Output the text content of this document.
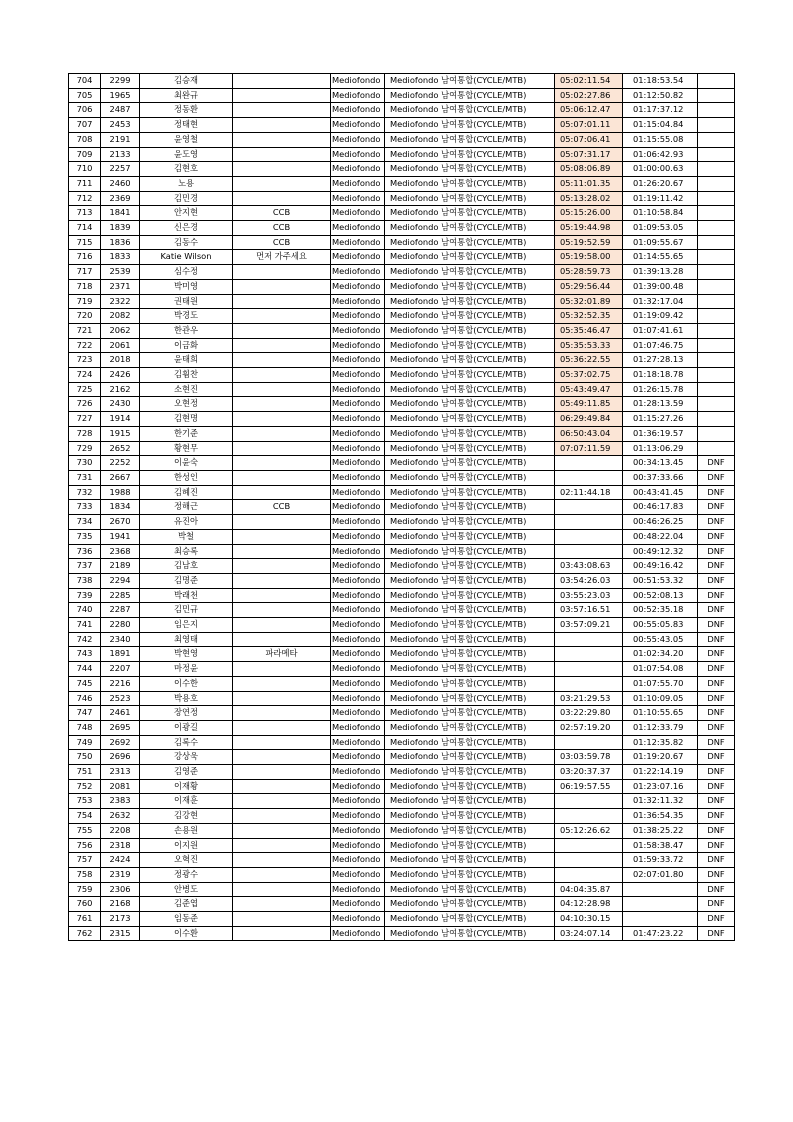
704	2299	김승재		Mediofondo	Mediofondo 남여통합(CYCLE/MTB)	05:02:11.54	01:18:53.54	
705	1965	최완규		Mediofondo	Mediofondo 남여통합(CYCLE/MTB)	05:02:27.86	01:12:50.82	
706	2487	정동환		Mediofondo	Mediofondo 남여통합(CYCLE/MTB)	05:06:12.47	01:17:37.12	
707	2453	정태현		Mediofondo	Mediofondo 남여통합(CYCLE/MTB)	05:07:01.11	01:15:04.84	
708	2191	윤영철		Mediofondo	Mediofondo 남여통합(CYCLE/MTB)	05:07:06.41	01:15:55.08	
709	2133	윤도영		Mediofondo	Mediofondo 남여통합(CYCLE/MTB)	05:07:31.17	01:06:42.93	
710	2257	김현호		Mediofondo	Mediofondo 남여통합(CYCLE/MTB)	05:08:06.89	01:00:00.63	
711	2460	노용		Mediofondo	Mediofondo 남여통합(CYCLE/MTB)	05:11:01.35	01:26:20.67	
712	2369	김민경		Mediofondo	Mediofondo 남여통합(CYCLE/MTB)	05:13:28.02	01:19:11.42	
713	1841	안지현	CCB	Mediofondo	Mediofondo 남여통합(CYCLE/MTB)	05:15:26.00	01:10:58.84	
714	1839	신은경	CCB	Mediofondo	Mediofondo 남여통합(CYCLE/MTB)	05:19:44.98	01:09:53.05	
715	1836	김동수	CCB	Mediofondo	Mediofondo 남여통합(CYCLE/MTB)	05:19:52.59	01:09:55.67	
716	1833	Katie Wilson	먼저 가주세요	Mediofondo	Mediofondo 남여통합(CYCLE/MTB)	05:19:58.00	01:14:55.65	
717	2539	심수정		Mediofondo	Mediofondo 남여통합(CYCLE/MTB)	05:28:59.73	01:39:13.28	
718	2371	박미영		Mediofondo	Mediofondo 남여통합(CYCLE/MTB)	05:29:56.44	01:39:00.48	
719	2322	권태원		Mediofondo	Mediofondo 남여통합(CYCLE/MTB)	05:32:01.89	01:32:17.04	
720	2082	박경도		Mediofondo	Mediofondo 남여통합(CYCLE/MTB)	05:32:52.35	01:19:09.42	
721	2062	한관우		Mediofondo	Mediofondo 남여통합(CYCLE/MTB)	05:35:46.47	01:07:41.61	
722	2061	이금화		Mediofondo	Mediofondo 남여통합(CYCLE/MTB)	05:35:53.33	01:07:46.75	
723	2018	윤태희		Mediofondo	Mediofondo 남여통합(CYCLE/MTB)	05:36:22.55	01:27:28.13	
724	2426	김휨찬		Mediofondo	Mediofondo 남여통합(CYCLE/MTB)	05:37:02.75	01:18:18.78	
725	2162	소현진		Mediofondo	Mediofondo 남여통합(CYCLE/MTB)	05:43:49.47	01:26:15.78	
726	2430	오현정		Mediofondo	Mediofondo 남여통합(CYCLE/MTB)	05:49:11.85	01:28:13.59	
727	1914	김현명		Mediofondo	Mediofondo 남여통합(CYCLE/MTB)	06:29:49.84	01:15:27.26	
728	1915	한기준		Mediofondo	Mediofondo 남여통합(CYCLE/MTB)	06:50:43.04	01:36:19.57	
729	2652	황현무		Mediofondo	Mediofondo 남여통합(CYCLE/MTB)	07:07:11.59	01:13:06.29	
730	2252	이윤숙		Mediofondo	Mediofondo 남여통합(CYCLE/MTB)		00:34:13.45	DNF
731	2667	한성인		Mediofondo	Mediofondo 남여통합(CYCLE/MTB)		00:37:33.66	DNF
732	1988	김혜진		Mediofondo	Mediofondo 남여통합(CYCLE/MTB)	02:11:44.18	00:43:41.45	DNF
733	1834	정해근	CCB	Mediofondo	Mediofondo 남여통합(CYCLE/MTB)		00:46:17.83	DNF
734	2670	유진아		Mediofondo	Mediofondo 남여통합(CYCLE/MTB)		00:46:26.25	DNF
735	1941	박철		Mediofondo	Mediofondo 남여통합(CYCLE/MTB)		00:48:22.04	DNF
736	2368	최승록		Mediofondo	Mediofondo 남여통합(CYCLE/MTB)		00:49:12.32	DNF
737	2189	김남호		Mediofondo	Mediofondo 남여통합(CYCLE/MTB)	03:43:08.63	00:49:16.42	DNF
738	2294	김명준		Mediofondo	Mediofondo 남여통합(CYCLE/MTB)	03:54:26.03	00:51:53.32	DNF
739	2285	박래천		Mediofondo	Mediofondo 남여통합(CYCLE/MTB)	03:55:23.03	00:52:08.13	DNF
740	2287	김민규		Mediofondo	Mediofondo 남여통합(CYCLE/MTB)	03:57:16.51	00:52:35.18	DNF
741	2280	임은지		Mediofondo	Mediofondo 남여통합(CYCLE/MTB)	03:57:09.21	00:55:05.83	DNF
742	2340	최영태		Mediofondo	Mediofondo 남여통합(CYCLE/MTB)		00:55:43.05	DNF
743	1891	박현영	파라메타	Mediofondo	Mediofondo 남여통합(CYCLE/MTB)		01:02:34.20	DNF
744	2207	마정윤		Mediofondo	Mediofondo 남여통합(CYCLE/MTB)		01:07:54.08	DNF
745	2216	이수한		Mediofondo	Mediofondo 남여통합(CYCLE/MTB)		01:07:55.70	DNF
746	2523	박용호		Mediofondo	Mediofondo 남여통합(CYCLE/MTB)	03:21:29.53	01:10:09.05	DNF
747	2461	장연정		Mediofondo	Mediofondo 남여통합(CYCLE/MTB)	03:22:29.80	01:10:55.65	DNF
748	2695	이광길		Mediofondo	Mediofondo 남여통합(CYCLE/MTB)	02:57:19.20	01:12:33.79	DNF
749	2692	김록수		Mediofondo	Mediofondo 남여통합(CYCLE/MTB)		01:12:35.82	DNF
750	2696	강상욱		Mediofondo	Mediofondo 남여통합(CYCLE/MTB)	03:03:59.78	01:19:20.67	DNF
751	2313	김영준		Mediofondo	Mediofondo 남여통합(CYCLE/MTB)	03:20:37.37	01:22:14.19	DNF
752	2081	이재황		Mediofondo	Mediofondo 남여통합(CYCLE/MTB)	06:19:57.55	01:23:07.16	DNF
753	2383	이재훈		Mediofondo	Mediofondo 남여통합(CYCLE/MTB)		01:32:11.32	DNF
754	2632	김강현		Mediofondo	Mediofondo 남여통합(CYCLE/MTB)		01:36:54.35	DNF
755	2208	손용원		Mediofondo	Mediofondo 남여통합(CYCLE/MTB)	05:12:26.62	01:38:25.22	DNF
756	2318	이지원		Mediofondo	Mediofondo 남여통합(CYCLE/MTB)		01:58:38.47	DNF
757	2424	오혁진		Mediofondo	Mediofondo 남여통합(CYCLE/MTB)		01:59:33.72	DNF
758	2319	정광수		Mediofondo	Mediofondo 남여통합(CYCLE/MTB)		02:07:01.80	DNF
759	2306	안병도		Mediofondo	Mediofondo 남여통합(CYCLE/MTB)	04:04:35.87		DNF
760	2168	김준엽		Mediofondo	Mediofondo 남여통합(CYCLE/MTB)	04:12:28.98		DNF
761	2173	임동준		Mediofondo	Mediofondo 남여통합(CYCLE/MTB)	04:10:30.15		DNF
762	2315	이수환		Mediofondo	Mediofondo 남여통합(CYCLE/MTB)	03:24:07.14	01:47:23.22	DNF
